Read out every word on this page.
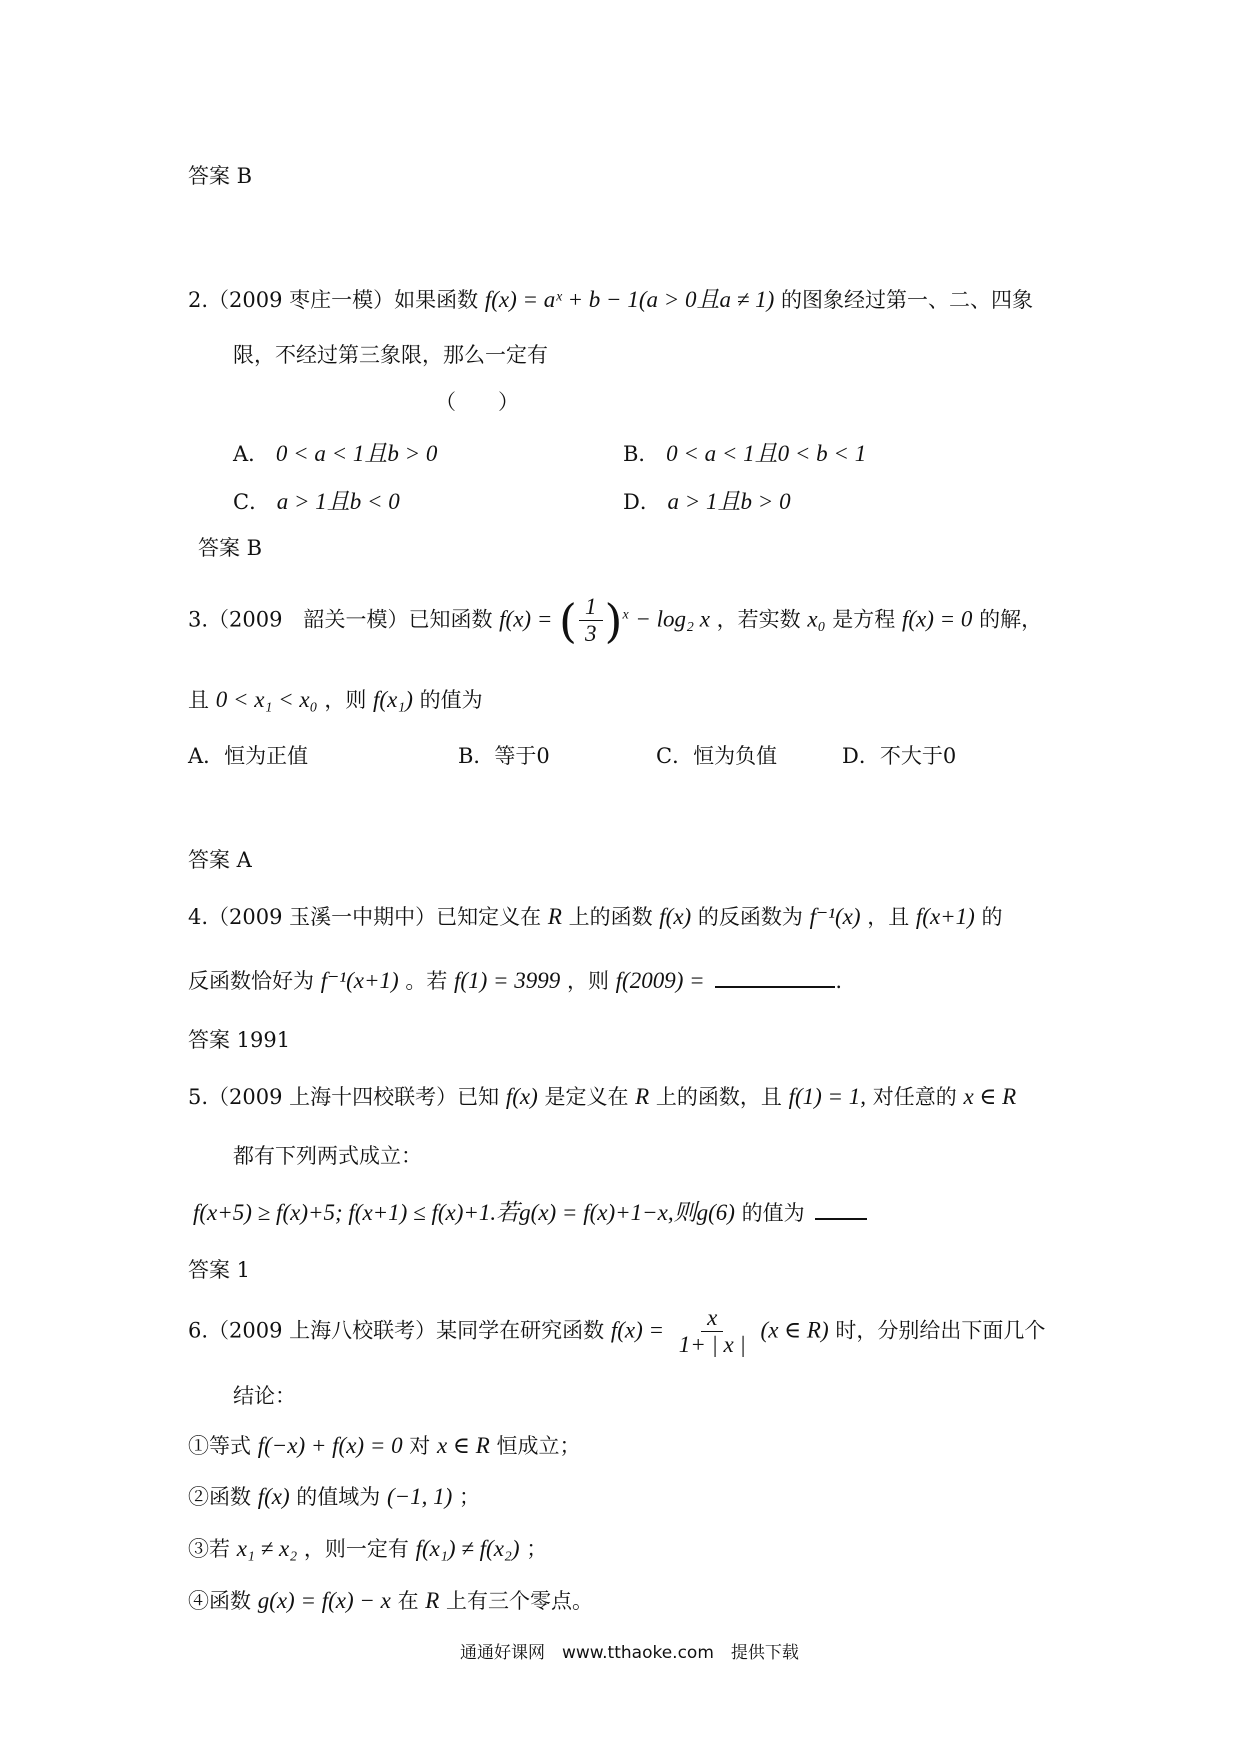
答案 B
2.（2009 枣庄一模）如果函数 f(x) = aˣ + b − 1(a > 0且a ≠ 1) 的图象经过第一、二、四象
限，不经过第三象限，那么一定有
（　　）
A． 0 < a < 1且b > 0	B． 0 < a < 1且0 < b < 1
C． a > 1且b < 0	D． a > 1且b > 0
答案 B
3.（2009　韶关一模）已知函数 f(x) = ( $\frac{1}{3} )^x - \log_2$ x ，若实数 x₀ 是方程 f(x) = 0 的解，
且 0 < x₁ < x₀ ，则 f(x₁) 的值为
A．恒为正值	B．等于0	C．恒为负值	D．不大于0
答案 A
4.（2009 玉溪一中期中）已知定义在 R 上的函数 f(x) 的反函数为 f⁻¹(x) ，且 f(x+1) 的
反函数恰好为 f⁻¹(x+1) 。若 f(1) = 3999 ，则 f(2009) =	.
答案 1991
5.（2009 上海十四校联考）已知 f(x) 是定义在 R 上的函数，且 f(1) = 1, 对任意的 x ∈ R
都有下列两式成立：
f(x+5) ≥ f(x)+5; f(x+1) ≤ f(x)+1.若g(x) = f(x)+1−x,则g(6) 的值为
答案 1
6.（2009 上海八校联考）某同学在研究函数 $f(x) = \frac{x}{1+ | x |} (x$ ∈ R) 时，分别给出下面几个
结论：
①等式 f(−x) + f(x) = 0 对 x ∈ R 恒成立；
②函数 f(x) 的值域为 (−1, 1) ；
③若 x₁ ≠ x₂ ，则一定有 f(x₁) ≠ f(x₂) ；
④函数 g(x) = f(x) − x 在 R 上有三个零点。
通通好课网　www.tthaoke.com　提供下载
